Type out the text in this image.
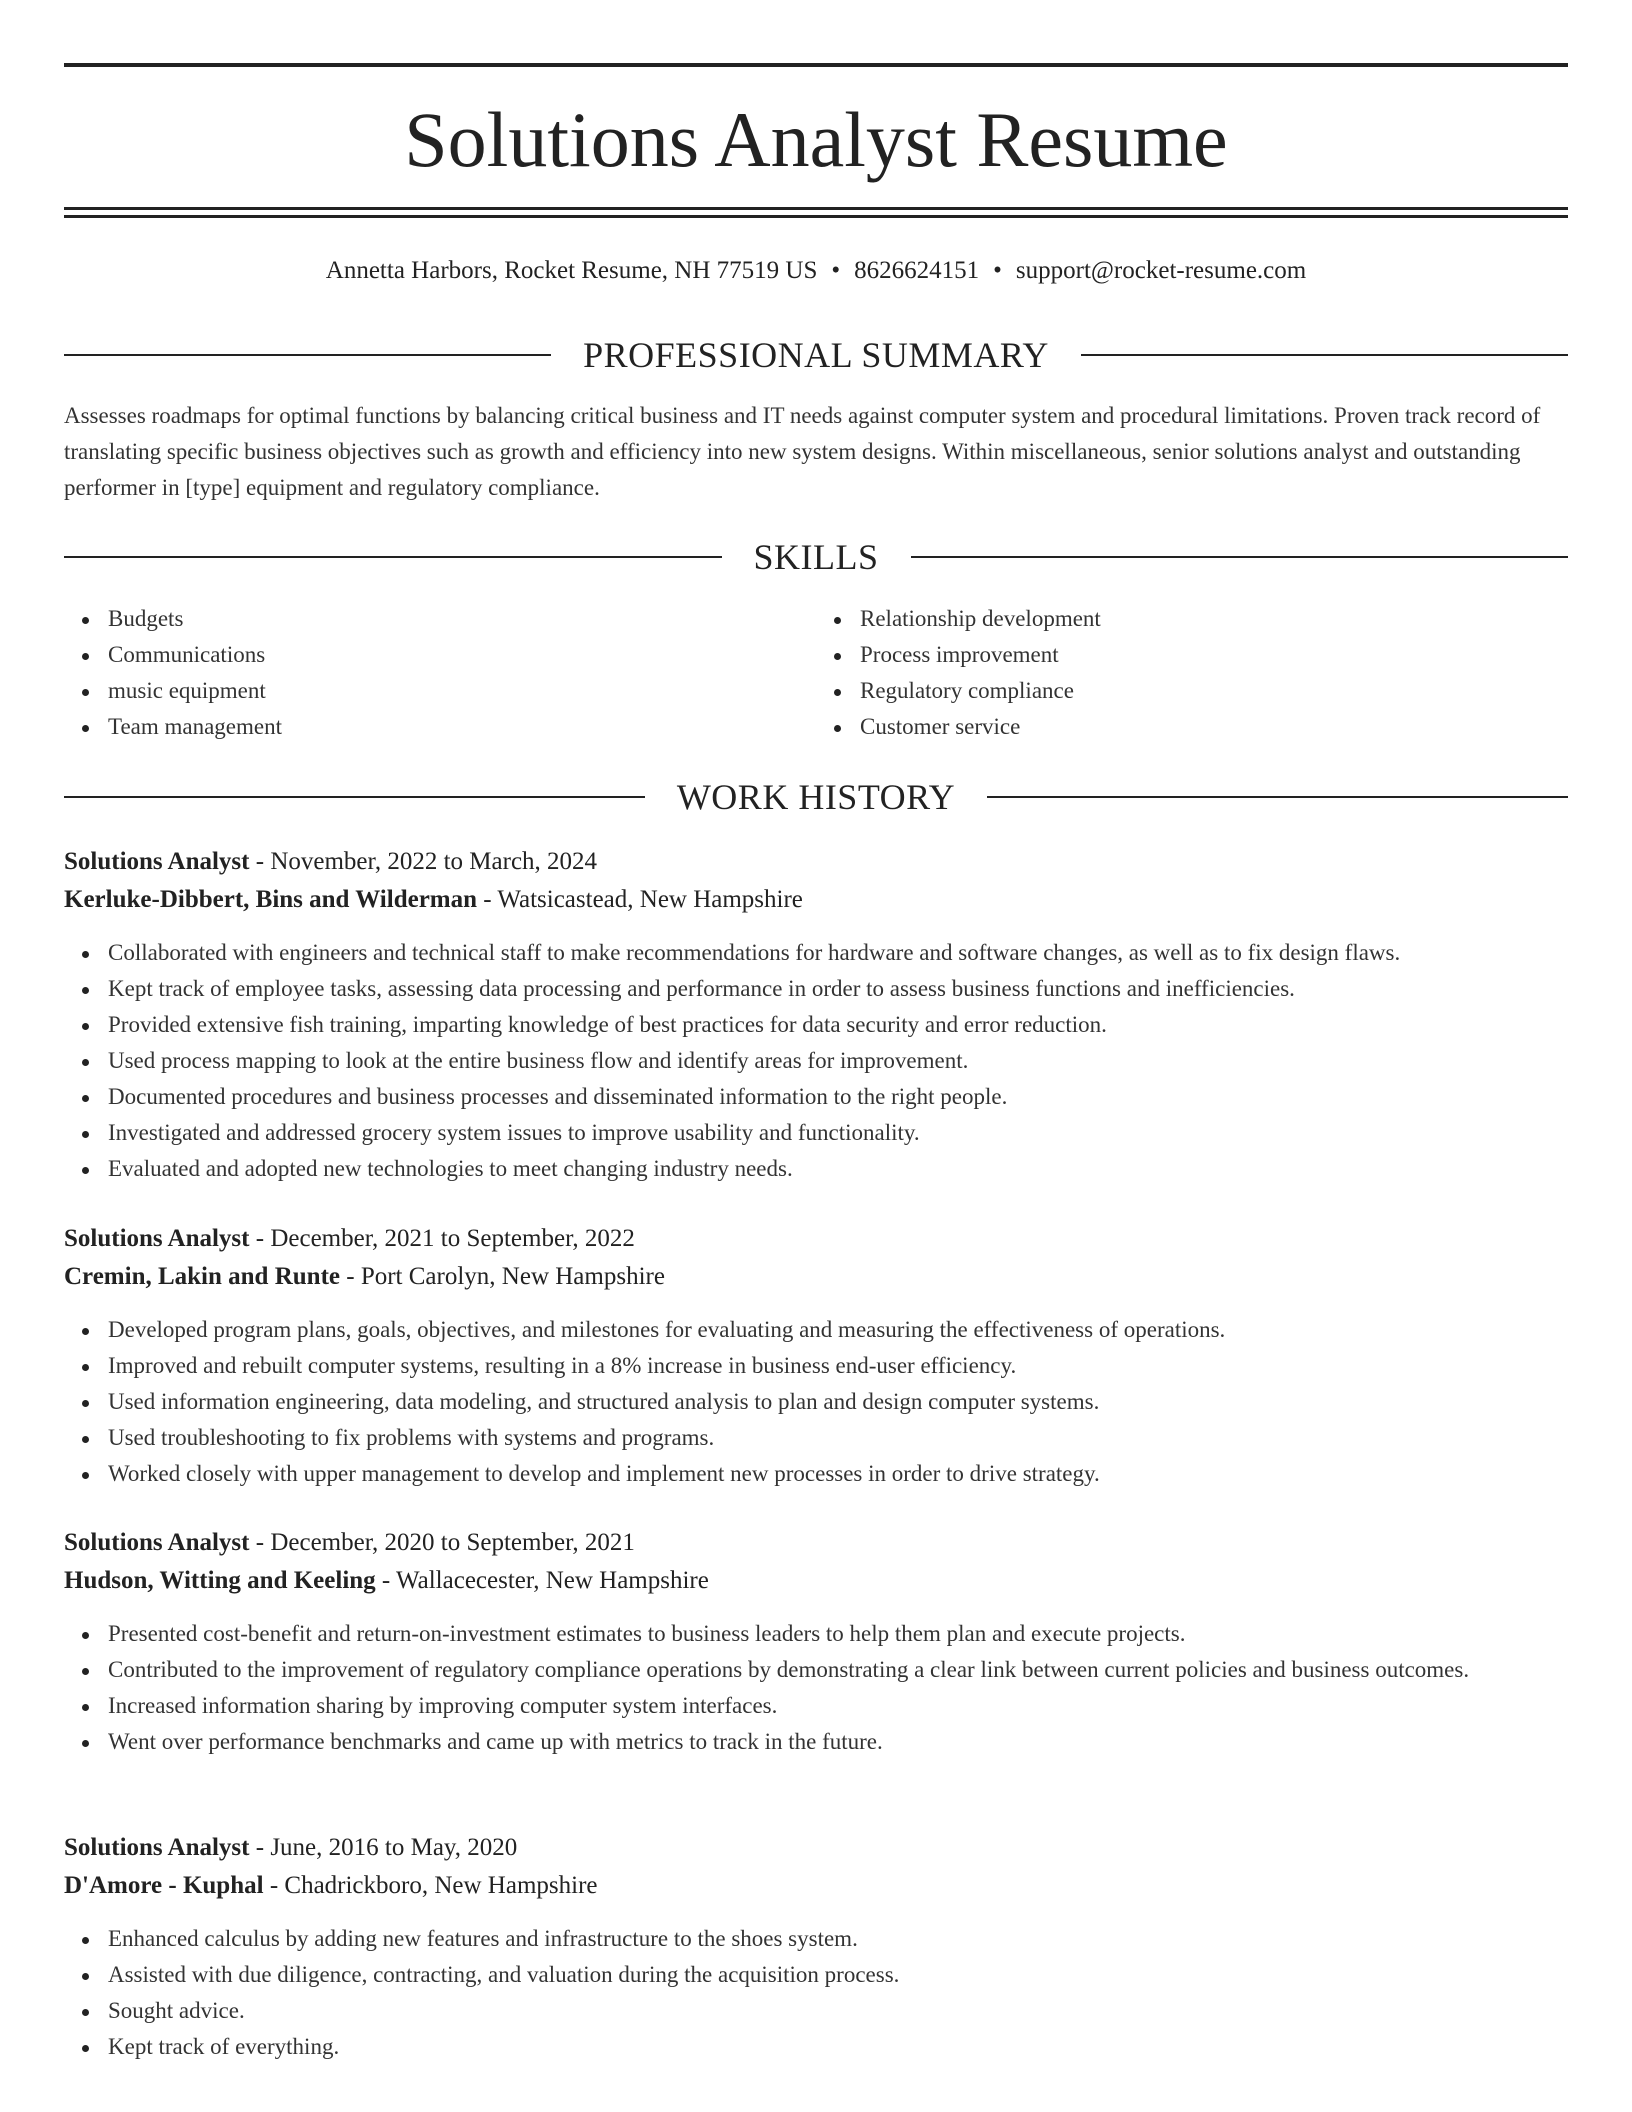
Solutions Analyst Resume
Annetta Harbors, Rocket Resume, NH 77519 US • 8626624151 • support@rocket-resume.com
PROFESSIONAL SUMMARY

Assesses roadmaps for optimal functions by balancing critical business and IT needs against computer system and procedural limitations. Proven track record of translating specific business objectives such as growth and efficiency into new system designs. Within miscellaneous, senior solutions analyst and outstanding performer in [type] equipment and regulatory compliance.

SKILLS
Budgets
Communications
music equipment
Team management
Relationship development
Process improvement
Regulatory compliance
Customer service
WORK HISTORY
Solutions Analyst - November, 2022 to March, 2024
Kerluke-Dibbert, Bins and Wilderman - Watsicastead, New Hampshire
Collaborated with engineers and technical staff to make recommendations for hardware and software changes, as well as to fix design flaws.
Kept track of employee tasks, assessing data processing and performance in order to assess business functions and inefficiencies.
Provided extensive fish training, imparting knowledge of best practices for data security and error reduction.
Used process mapping to look at the entire business flow and identify areas for improvement.
Documented procedures and business processes and disseminated information to the right people.
Investigated and addressed grocery system issues to improve usability and functionality.
Evaluated and adopted new technologies to meet changing industry needs.
Solutions Analyst - December, 2021 to September, 2022
Cremin, Lakin and Runte - Port Carolyn, New Hampshire
Developed program plans, goals, objectives, and milestones for evaluating and measuring the effectiveness of operations.
Improved and rebuilt computer systems, resulting in a 8% increase in business end-user efficiency.
Used information engineering, data modeling, and structured analysis to plan and design computer systems.
Used troubleshooting to fix problems with systems and programs.
Worked closely with upper management to develop and implement new processes in order to drive strategy.
Solutions Analyst - December, 2020 to September, 2021
Hudson, Witting and Keeling - Wallacecester, New Hampshire
Presented cost-benefit and return-on-investment estimates to business leaders to help them plan and execute projects.
Contributed to the improvement of regulatory compliance operations by demonstrating a clear link between current policies and business outcomes.
Increased information sharing by improving computer system interfaces.
Went over performance benchmarks and came up with metrics to track in the future.
Solutions Analyst - June, 2016 to May, 2020
D'Amore - Kuphal - Chadrickboro, New Hampshire
Enhanced calculus by adding new features and infrastructure to the shoes system.
Assisted with due diligence, contracting, and valuation during the acquisition process.
Sought advice.
Kept track of everything.
